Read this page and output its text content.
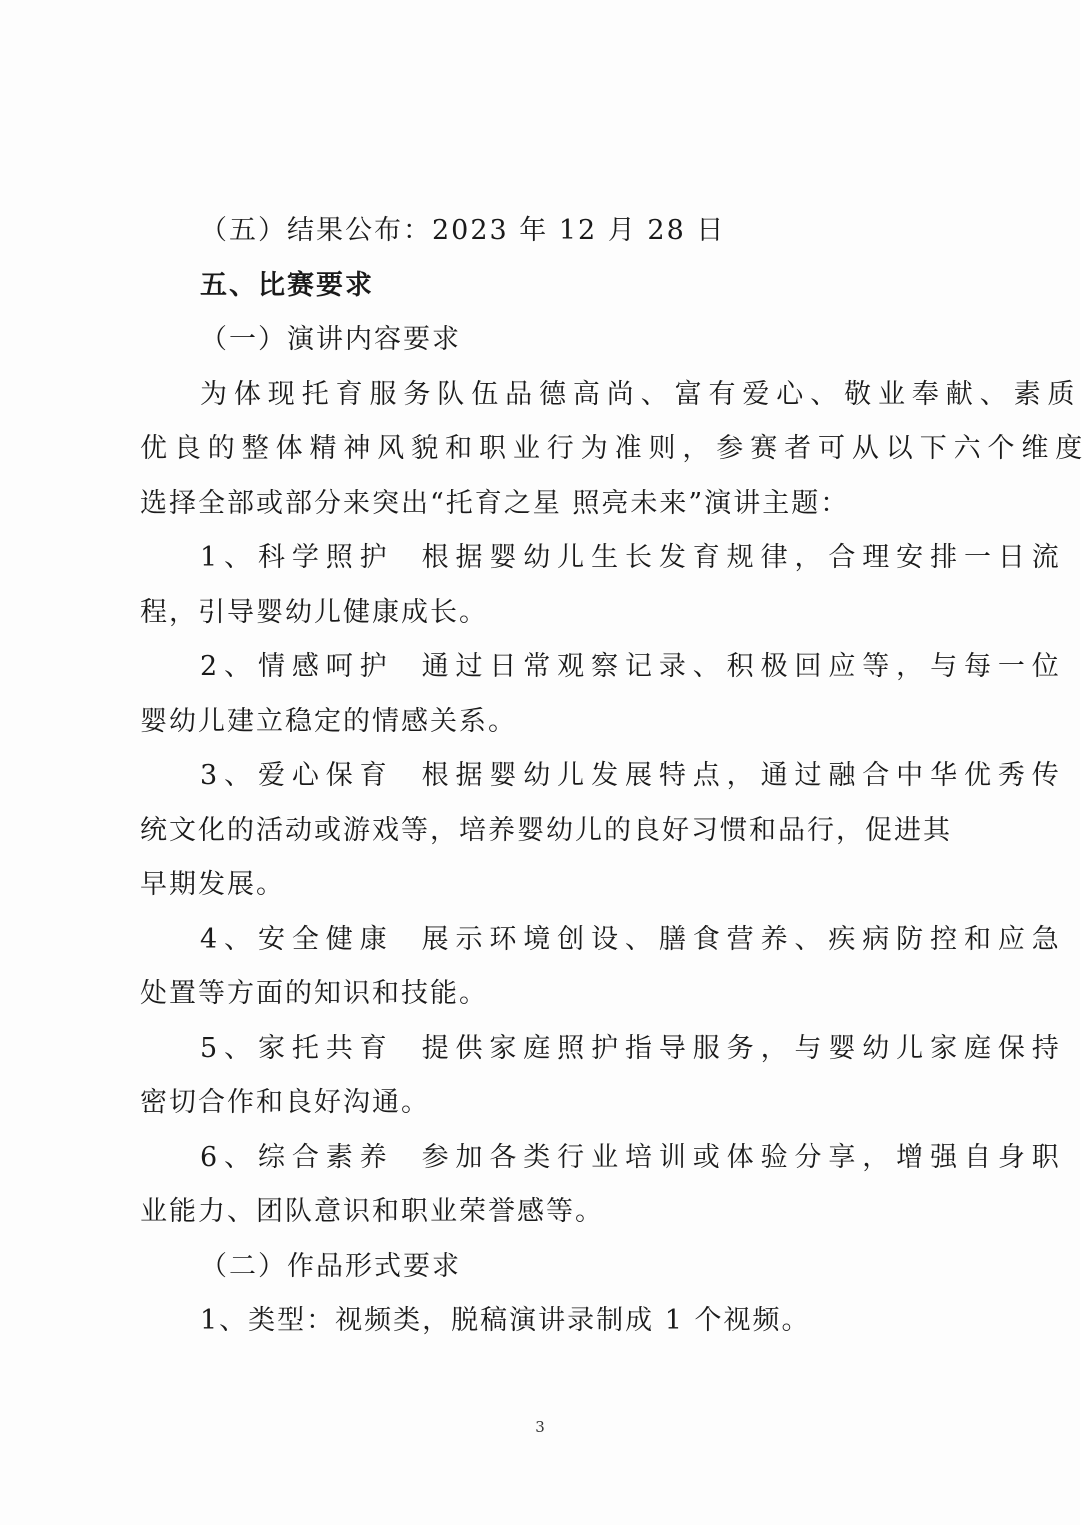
（五）结果公布：2023 年 12 月 28 日
五、比赛要求
（一）演讲内容要求
为体现托育服务队伍品德高尚、富有爱心、敬业奉献、素质
优良的整体精神风貌和职业行为准则，参赛者可从以下六个维度
选择全部或部分来突出“托育之星 照亮未来”演讲主题：
1、科学照护 根据婴幼儿生长发育规律，合理安排一日流
程，引导婴幼儿健康成长。
2、情感呵护 通过日常观察记录、积极回应等，与每一位
婴幼儿建立稳定的情感关系。
3、爱心保育 根据婴幼儿发展特点，通过融合中华优秀传
统文化的活动或游戏等，培养婴幼儿的良好习惯和品行，促进其
早期发展。
4、安全健康 展示环境创设、膳食营养、疾病防控和应急
处置等方面的知识和技能。
5、家托共育 提供家庭照护指导服务，与婴幼儿家庭保持
密切合作和良好沟通。
6、综合素养 参加各类行业培训或体验分享，增强自身职
业能力、团队意识和职业荣誉感等。
（二）作品形式要求
1、类型：视频类，脱稿演讲录制成 1 个视频。
3
